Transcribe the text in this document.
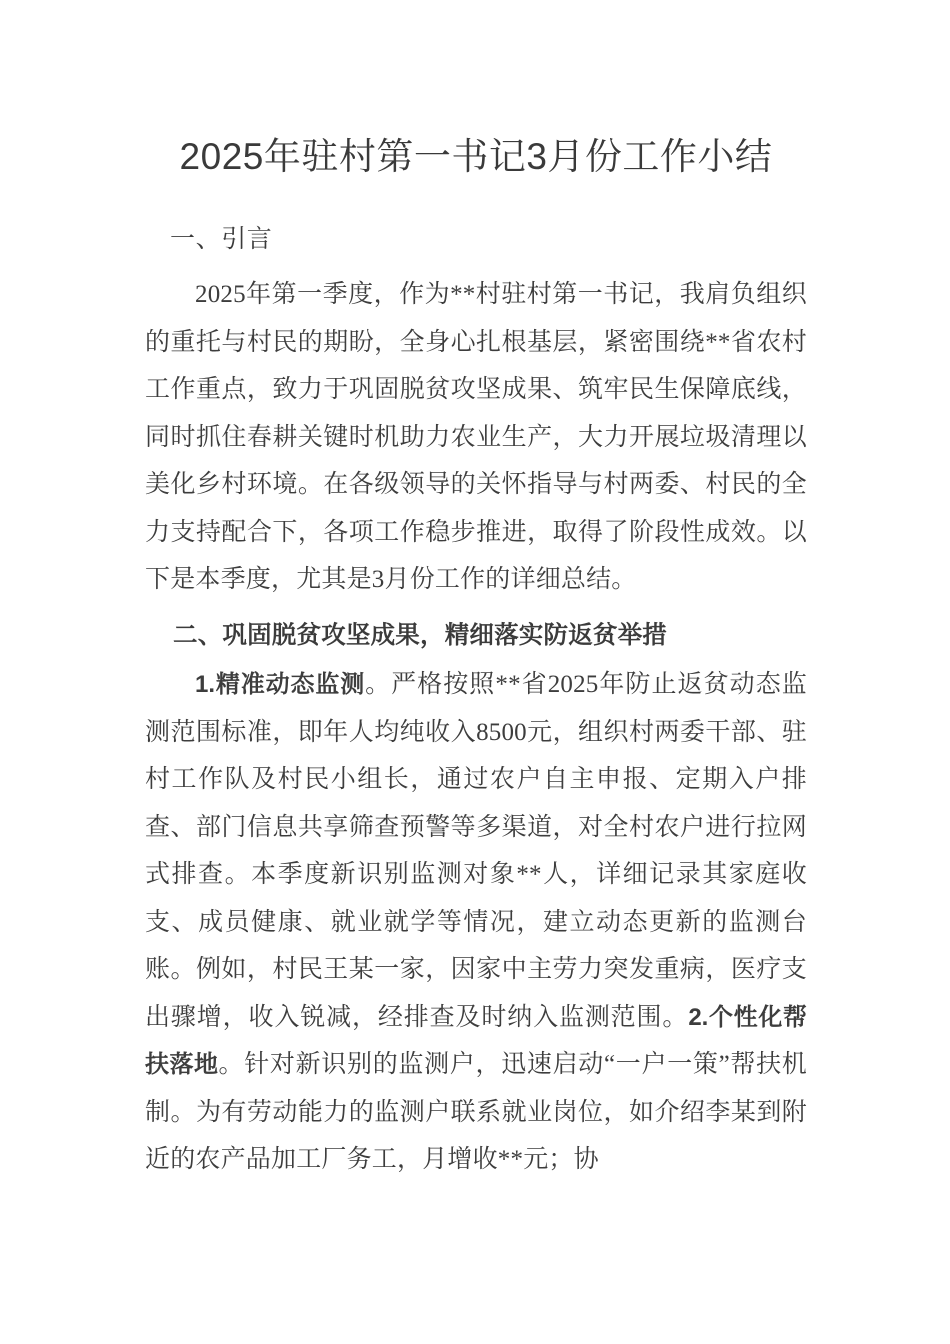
2025年驻村第一书记3月份工作小结
一、引言

2025年第一季度，作为**村驻村第一书记，我肩负组织的重托与村民的期盼，全身心扎根基层，紧密围绕**省农村工作重点，致力于巩固脱贫攻坚成果、筑牢民生保障底线，同时抓住春耕关键时机助力农业生产，大力开展垃圾清理以美化乡村环境。在各级领导的关怀指导与村两委、村民的全力支持配合下，各项工作稳步推进，取得了阶段性成效。以下是本季度，尤其是3月份工作的详细总结。

二、巩固脱贫攻坚成果，精细落实防返贫举措

1.精准动态监测。严格按照**省2025年防止返贫动态监测范围标准，即年人均纯收入8500元，组织村两委干部、驻村工作队及村民小组长，通过农户自主申报、定期入户排查、部门信息共享筛查预警等多渠道，对全村农户进行拉网式排查。本季度新识别监测对象**人，详细记录其家庭收支、成员健康、就业就学等情况，建立动态更新的监测台账。例如，村民王某一家，因家中主劳力突发重病，医疗支出骤增，收入锐减，经排查及时纳入监测范围。2.个性化帮扶落地。针对新识别的监测户，迅速启动“一户一策”帮扶机制。为有劳动能力的监测户联系就业岗位，如介绍李某到附近的农产品加工厂务工，月增收**元；协
